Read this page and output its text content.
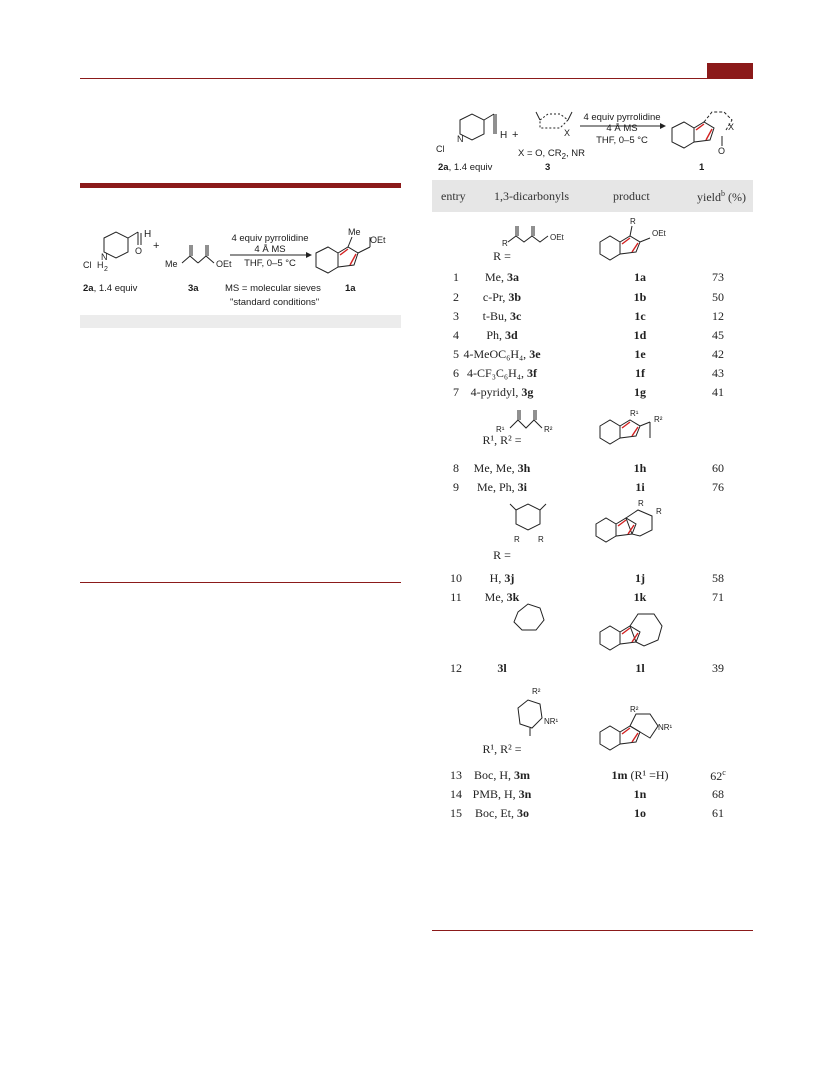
Cl H 2
N
H
O +
Me	OEt
Me
OEt
4 equiv pyrrolidine
4 Å MS
THF, 0–5 °C
2a, 1.4 equiv	3a	MS = molecular sieves	1a
"standard conditions"
Cl
N	H +	X
X
O
4 equiv pyrrolidine
4 Å MS
THF, 0–5 °C
X = O, $CR_2$, NR
2a, 1.4 equiv	3	1
entry 1,3-dicarbonyls	product	yield$^b$ (%)
R
OEt	OEt
R
R¹	R²
R¹
R²
R R
R
R
R²
NR¹
R²
NR¹
R =
R¹, R² =
R =
R¹, R² =
1	Me, 3a	1a	73
2	c-Pr, 3b	1b	50
3	t-Bu, 3c	1c	12
4	Ph, 3d	1d	45
5 4-MeOC₆H₄, 3e	1e	42
6 4-CF₃C₆H₄, 3f	1f	43
7 4-pyridyl, 3g	1g	41
8	Me, Me, 3h	1h	60
9	Me, Ph, 3i	1i	76
10	H, 3j	1j	58
11	Me, 3k	1k	71
12	3l	1l	39
13	Boc, H, 3m	1m (R¹ =H)	62$^c$
14 PMB, H, 3n	1n	68
15	Boc, Et, 3o	1o	61
